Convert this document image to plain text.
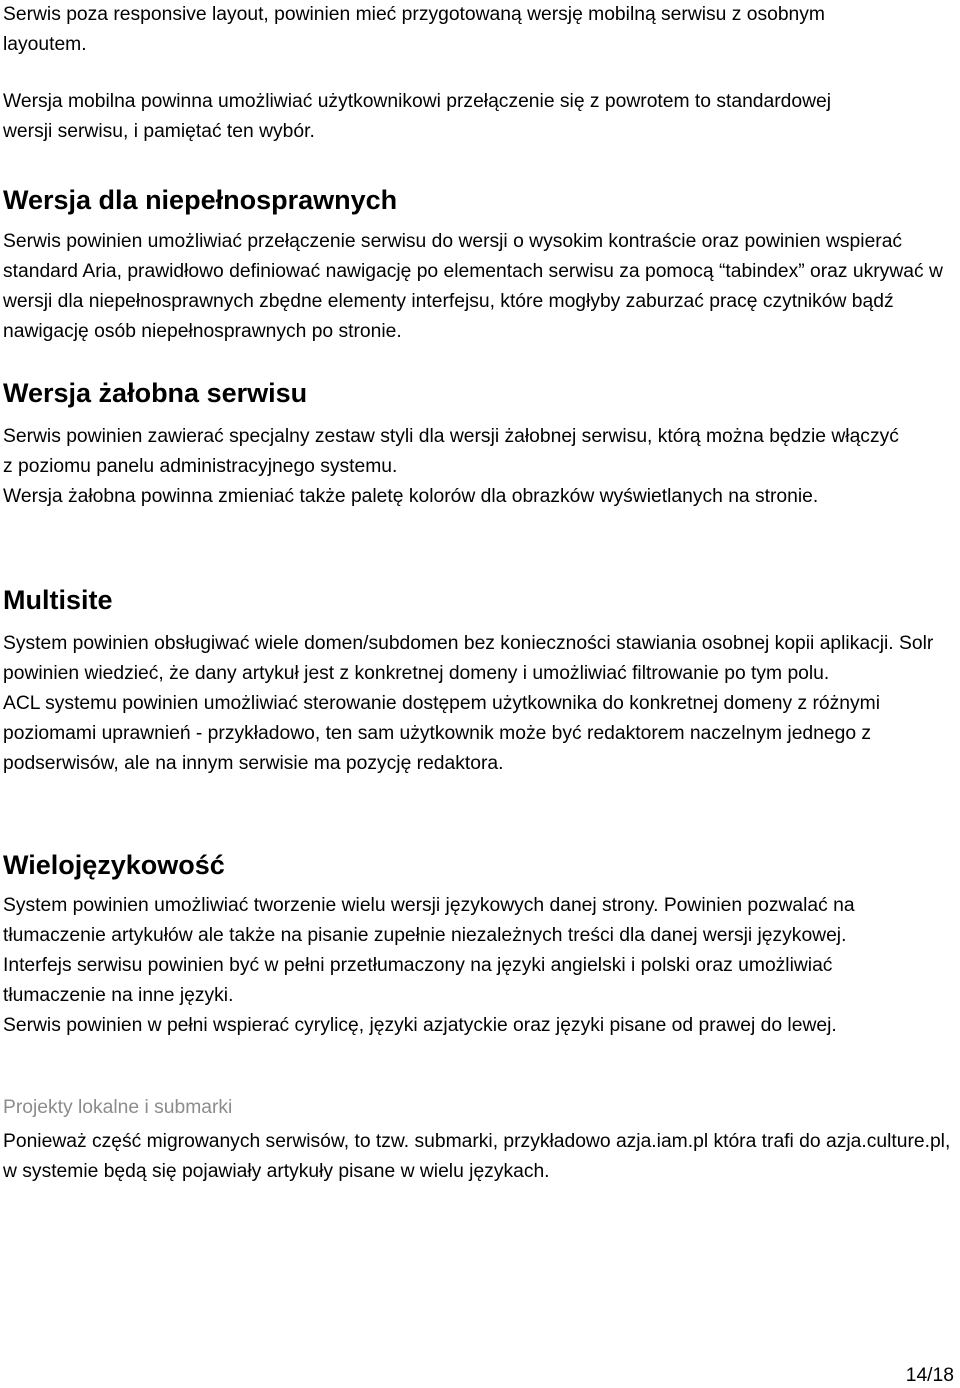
Serwis poza responsive layout, powinien mieć przygotowaną wersję mobilną serwisu z osobnym layoutem.

Wersja mobilna powinna umożliwiać użytkownikowi przełączenie się z powrotem to standardowej wersji serwisu, i pamiętać ten wybór.

Wersja dla niepełnosprawnych

Serwis powinien umożliwiać przełączenie serwisu do wersji o wysokim kontraście oraz powinien wspierać standard Aria, prawidłowo definiować nawigację po elementach serwisu za pomocą “tabindex” oraz ukrywać w wersji dla niepełnosprawnych zbędne elementy interfejsu, które mogłyby zaburzać pracę czytników bądź nawigację osób niepełnosprawnych po stronie.

Wersja żałobna serwisu

Serwis powinien zawierać specjalny zestaw styli dla wersji żałobnej serwisu, którą można będzie włączyć z poziomu panelu administracyjnego systemu.

Wersja żałobna powinna zmieniać także paletę kolorów dla obrazków wyświetlanych na stronie.

Multisite

System powinien obsługiwać wiele domen/subdomen bez konieczności stawiania osobnej kopii aplikacji. Solr powinien wiedzieć, że dany artykuł jest z konkretnej domeny i umożliwiać filtrowanie po tym polu.

ACL systemu powinien umożliwiać sterowanie dostępem użytkownika do konkretnej domeny z różnymi poziomami uprawnień - przykładowo, ten sam użytkownik może być redaktorem naczelnym jednego z podserwisów, ale na innym serwisie ma pozycję redaktora.

Wielojęzykowość

System powinien umożliwiać tworzenie wielu wersji językowych danej strony. Powinien pozwalać na tłumaczenie artykułów ale także na pisanie zupełnie niezależnych treści dla danej wersji językowej.

Interfejs serwisu powinien być w pełni przetłumaczony na języki angielski i polski oraz umożliwiać tłumaczenie na inne języki.

Serwis powinien w pełni wspierać cyrylicę, języki azjatyckie oraz języki pisane od prawej do lewej.

Projekty lokalne i submarki

Ponieważ część migrowanych serwisów, to tzw. submarki, przykładowo azja.iam.pl która trafi do azja.culture.pl, w systemie będą się pojawiały artykuły pisane w wielu językach.

14/18
